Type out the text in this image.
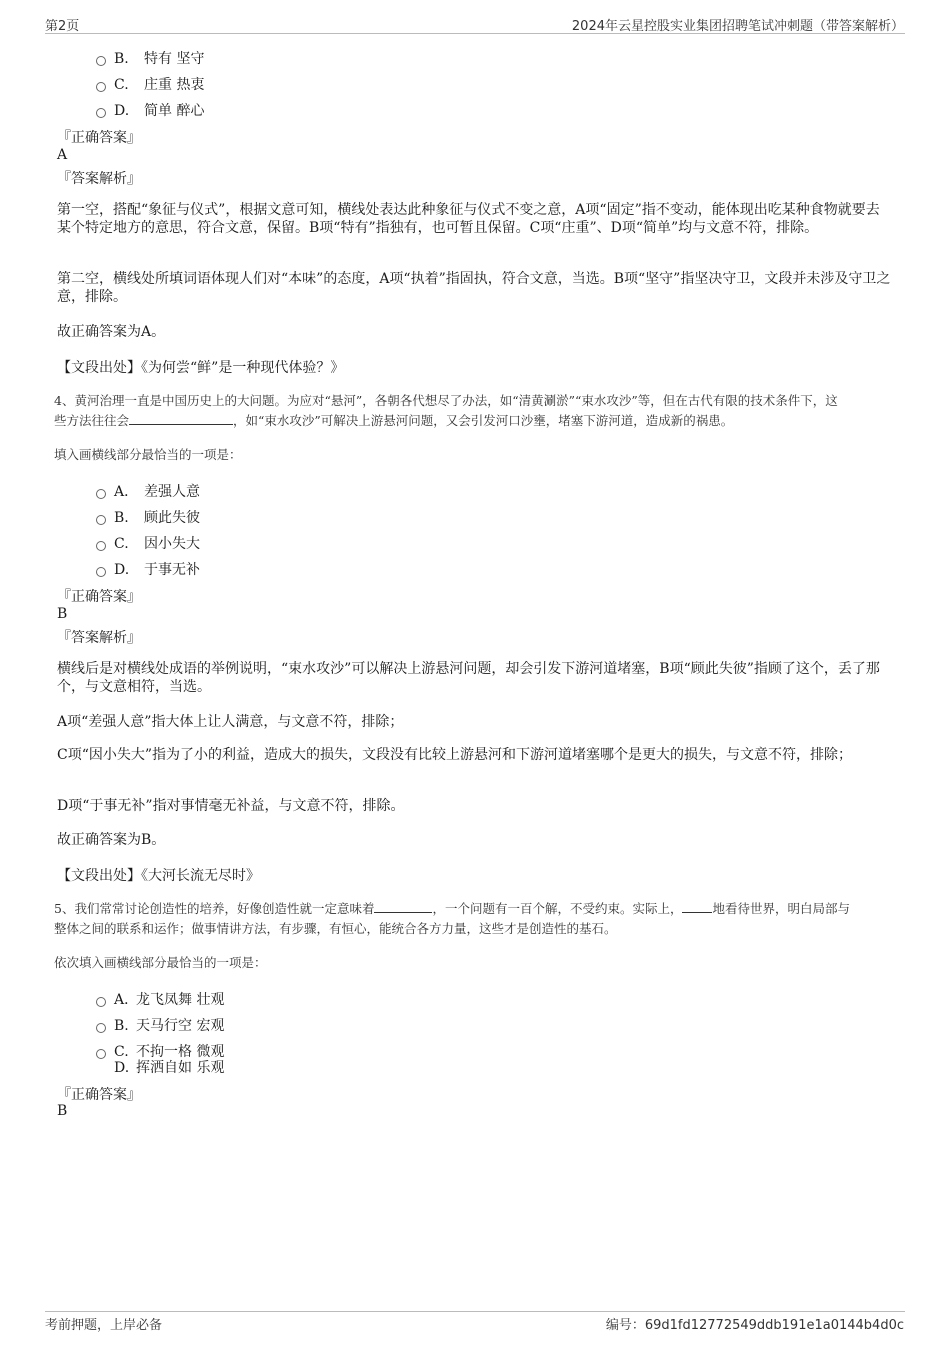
第2页	2024年云星控股实业集团招聘笔试冲刺题（带答案解析）
B. 特有 坚守
C. 庄重 热衷
D. 简单 醉心
『正确答案』
A
『答案解析』
第一空，搭配“象征与仪式”，根据文意可知，横线处表达此种象征与仪式不变之意，A项“固定”指不变动，能体现出吃某种食物就要去某个特定地方的意思，符合文意，保留。B项“特有”指独有，也可暂且保留。C项“庄重”、D项“简单”均与文意不符，排除。
第二空，横线处所填词语体现人们对“本味”的态度，A项“执着”指固执，符合文意，当选。B项“坚守”指坚决守卫，文段并未涉及守卫之意，排除。
故正确答案为A。
【文段出处】《为何尝“鲜”是一种现代体验？》
4、黄河治理一直是中国历史上的大问题。为应对“悬河”，各朝各代想尽了办法，如“清黄涮淤”“束水攻沙”等，但在古代有限的技术条件下，这
些方法往往会	，如“束水攻沙”可解决上游悬河问题，又会引发河口沙壅，堵塞下游河道，造成新的祸患。
填入画横线部分最恰当的一项是：
A． 差强人意
B. 顾此失彼
C. 因小失大
D. 于事无补
『正确答案』
B
『答案解析』
横线后是对横线处成语的举例说明，“束水攻沙”可以解决上游悬河问题，却会引发下游河道堵塞，B项“顾此失彼”指顾了这个，丢了那个，与文意相符，当选。
A项“差强人意”指大体上让人满意，与文意不符，排除；
C项“因小失大”指为了小的利益，造成大的损失，文段没有比较上游悬河和下游河道堵塞哪个是更大的损失，与文意不符，排除；
D项“于事无补”指对事情毫无补益，与文意不符，排除。
故正确答案为B。
【文段出处】《大河长流无尽时》
5、我们常常讨论创造性的培养，好像创造性就一定意味着	，一个问题有一百个解，不受约束。实际上， 地看待世界，明白局部与
整体之间的联系和运作；做事情讲方法，有步骤，有恒心，能统合各方力量，这些才是创造性的基石。
依次填入画横线部分最恰当的一项是：
A．龙飞凤舞 壮观
B. 天马行空 宏观
C. 不拘一格 微观
D. 挥洒自如 乐观
『正确答案』
B
考前押题，上岸必备	编号：69d1fd12772549ddb191e1a0144b4d0c
